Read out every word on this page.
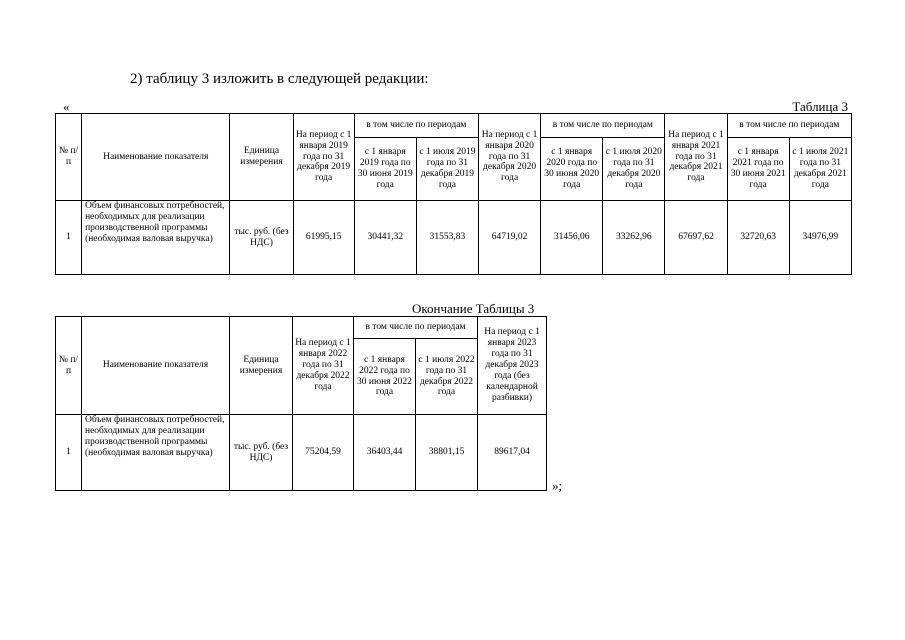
2) таблицу 3 изложить в следующей редакции:
«	Таблица 3
№ п/п	Наименование показателя	Единица измерения	На период с 1 января 2019 года по 31 декабря 2019 года	в том числе по периодам		На период с 1 января 2020 года по 31 декабря 2020 года	в том числе по периодам		На период с 1 января 2021 года по 31 декабря 2021 года	в том числе по периодам	
				с 1 января 2019 года по 30 июня 2019 года	с 1 июля 2019 года по 31 декабря 2019 года		с 1 января 2020 года по 30 июня 2020 года	с 1 июля 2020 года по 31 декабря 2020 года		с 1 января 2021 года по 30 июня 2021 года	с 1 июля 2021 года по 31 декабря 2021 года
1	Объем финансовых потребностей, необходимых для реализации производственной программы (необходимая валовая выручка)	тыс. руб. (без НДС)	61995,15	30441,32	31553,83	64719,02	31456,06	33262,96	67697,62	32720,63	34976,99
Окончание Таблицы 3
№ п/п	Наименование показателя	Единица измерения	На период с 1 января 2022 года по 31 декабря 2022 года	в том числе по периодам		На период с 1 января 2023 года по 31 декабря 2023 года (без календарной разбивки)
				с 1 января 2022 года по 30 июня 2022 года	с 1 июля 2022 года по 31 декабря 2022 года	
1	Объем финансовых потребностей, необходимых для реализации производственной программы (необходимая валовая выручка)	тыс. руб. (без НДС)	75204,59	36403,44	38801,15	89617,04
»;
